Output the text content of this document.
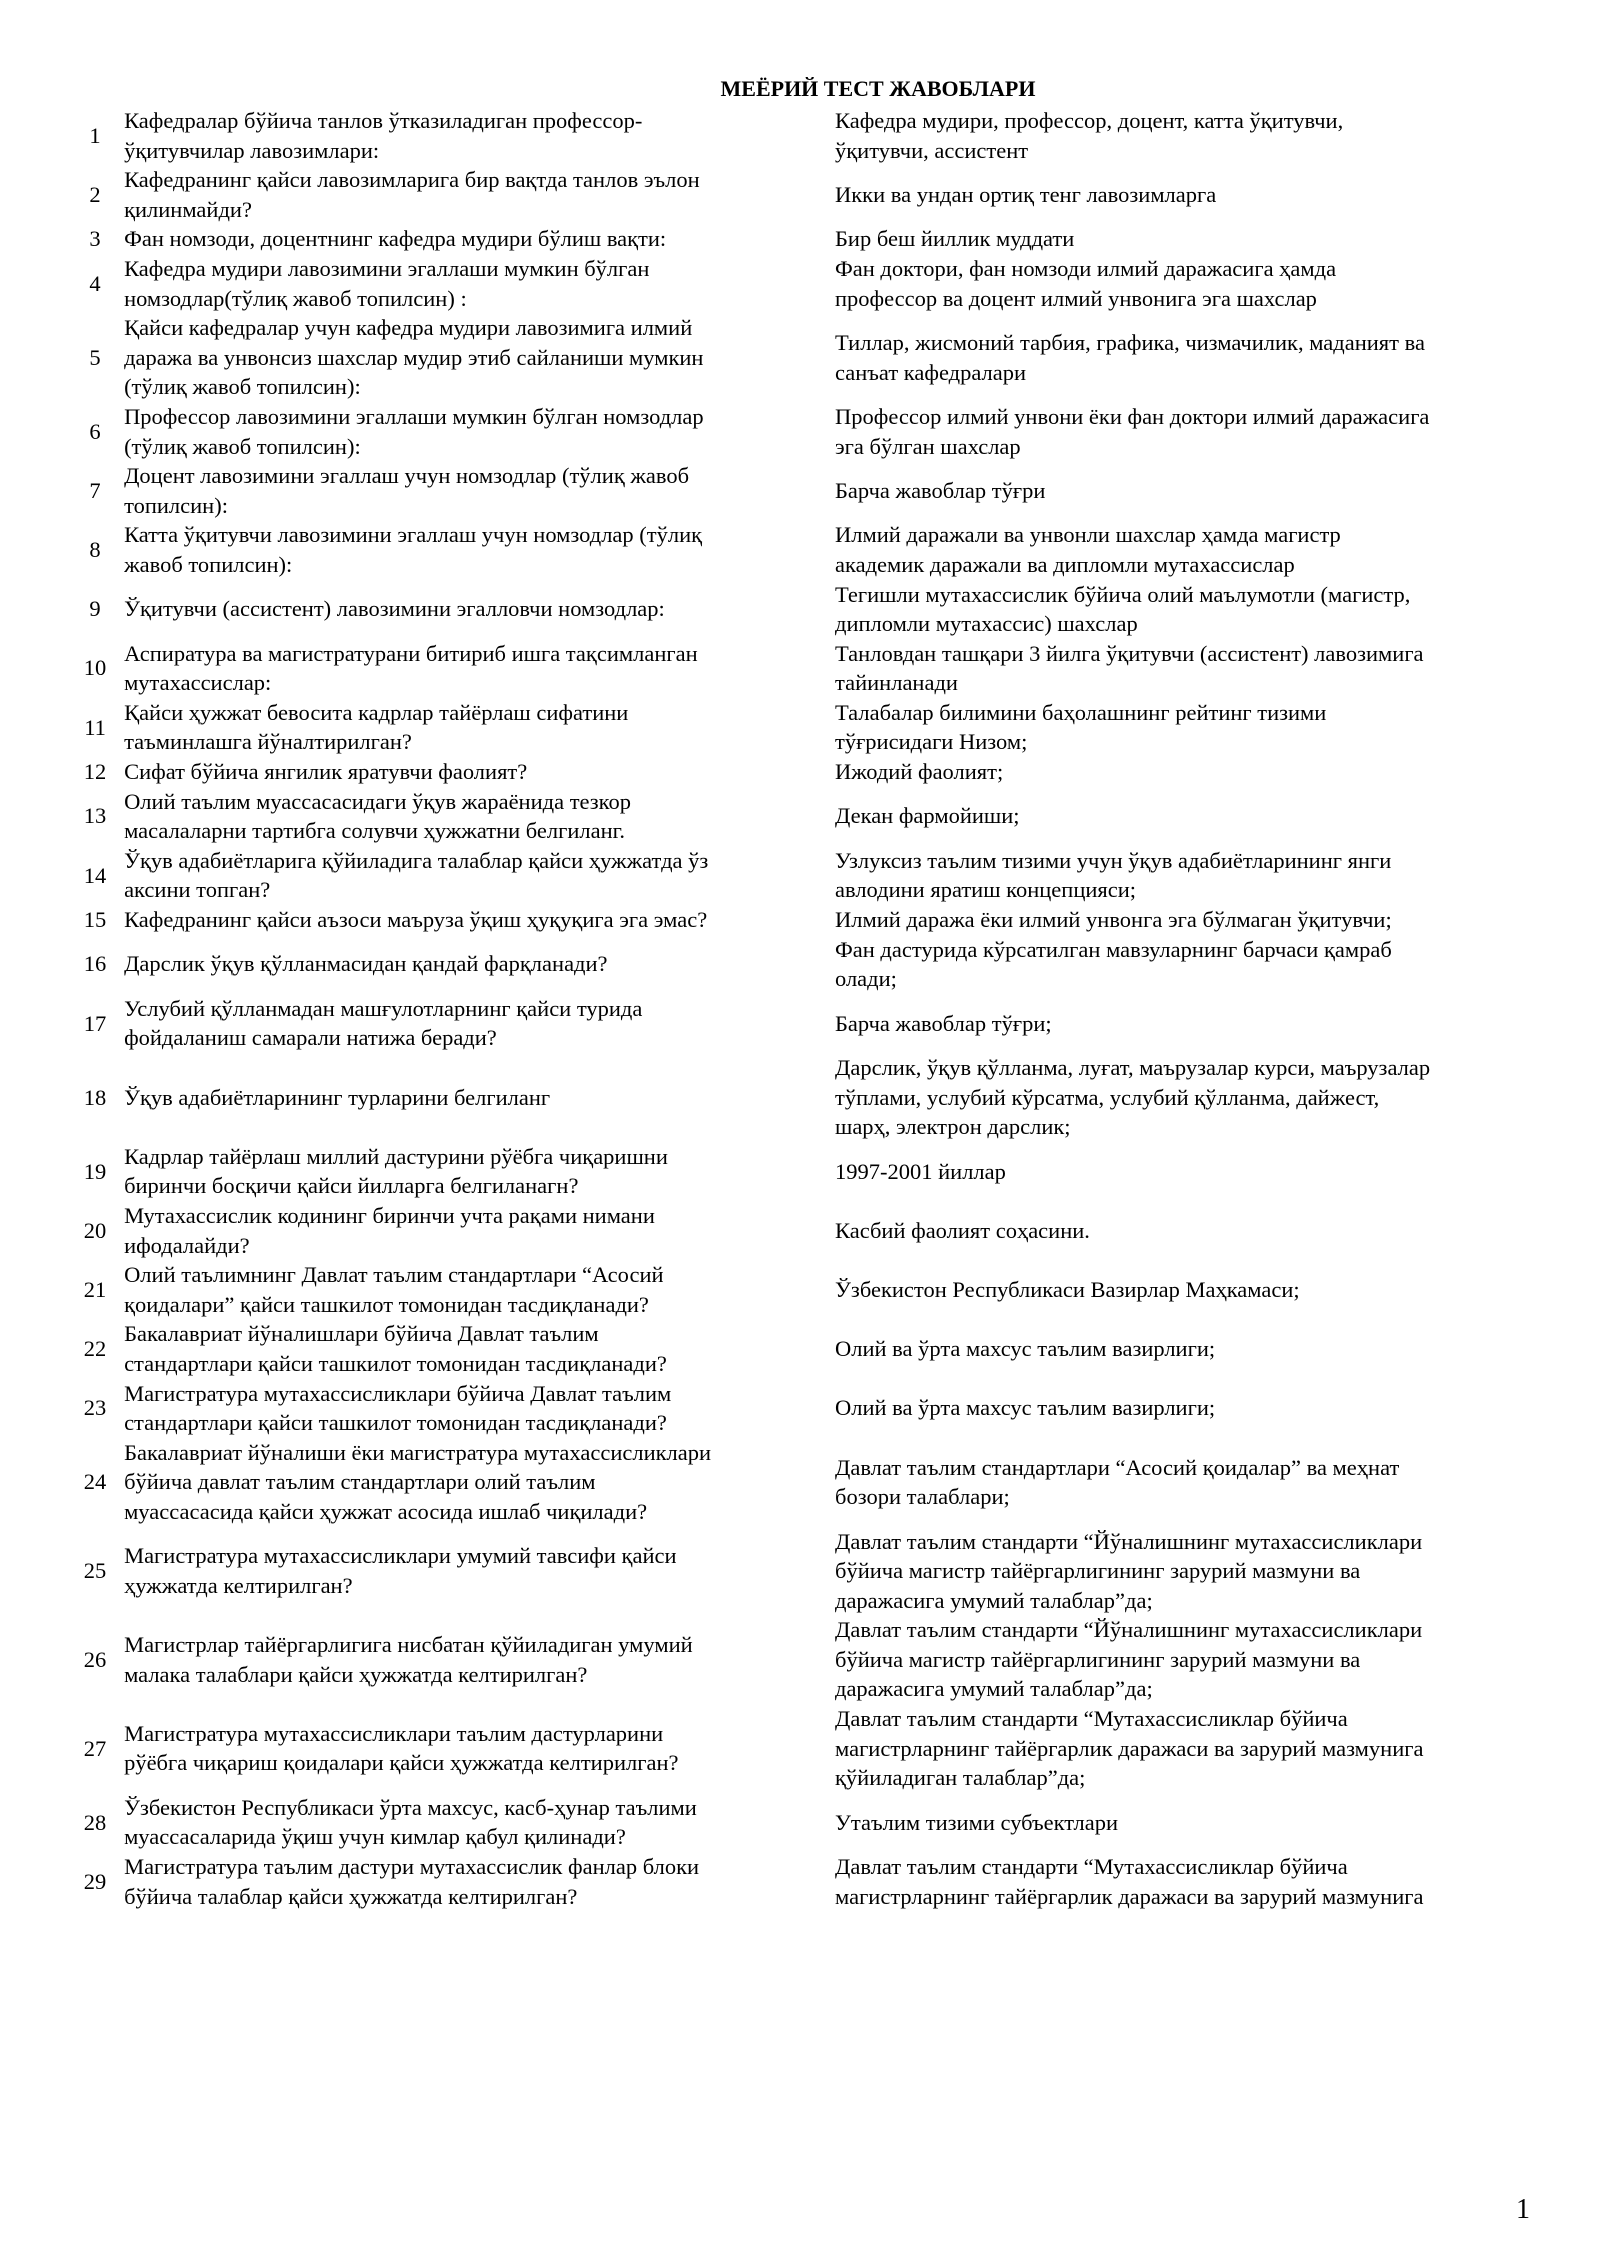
МЕЁРИЙ ТЕСТ ЖАВОБЛАРИ
1	Кафедралар бўйича танлов ўтказиладиган профессор-
ўқитувчилар лавозимлари:	Кафедра мудири, профессор, доцент, катта ўқитувчи,
ўқитувчи, ассистент
2	Кафедранинг қайси лавозимларига бир вақтда танлов эълон
қилинмайди?	Икки ва ундан ортиқ тенг лавозимларга
3	Фан номзоди, доцентнинг кафедра мудири бўлиш вақти:	Бир беш йиллик муддати
4	Кафедра мудири лавозимини эгаллаши мумкин бўлган
номзодлар(тўлиқ жавоб топилсин) :	Фан доктори, фан номзоди илмий даражасига ҳамда
профессор ва доцент илмий унвонига эга шахслар
5	Қайси кафедралар учун кафедра мудири лавозимига илмий
даража ва унвонсиз шахслар мудир этиб сайланиши мумкин
(тўлиқ жавоб топилсин):	Тиллар, жисмоний тарбия, графика, чизмачилик, маданият ва
санъат кафедралари
6	Профессор лавозимини эгаллаши мумкин бўлган номзодлар
(тўлиқ жавоб топилсин):	Профессор илмий унвони ёки фан доктори илмий даражасига
эга бўлган шахслар
7	Доцент лавозимини эгаллаш учун номзодлар (тўлиқ жавоб
топилсин):	Барча жавоблар тўғри
8	Катта ўқитувчи лавозимини эгаллаш учун номзодлар (тўлиқ
жавоб топилсин):	Илмий даражали ва унвонли шахслар ҳамда магистр
академик даражали ва дипломли мутахассислар
9	Ўқитувчи (ассистент) лавозимини эгалловчи номзодлар:	Тегишли мутахассислик бўйича олий маълумотли (магистр,
дипломли мутахассис) шахслар
10	Аспиратура ва магистратурани битириб ишга тақсимланган
мутахассислар:	Танловдан ташқари 3 йилга ўқитувчи (ассистент) лавозимига
тайинланади
11	Қайси ҳужжат бевосита кадрлар тайёрлаш сифатини
таъминлашга йўналтирилган?	Талабалар билимини баҳолашнинг рейтинг тизими
тўғрисидаги Низом;
12	Сифат бўйича янгилик яратувчи фаолият?	Ижодий фаолият;
13	Олий таълим муассасасидаги ўқув жараёнида тезкор
масалаларни тартибга солувчи ҳужжатни белгиланг.	Декан фармойиши;
14	Ўқув адабиётларига қўйиладига талаблар қайси ҳужжатда ўз
аксини топган?	Узлуксиз таълим тизими учун ўқув адабиётларининг янги
авлодини яратиш концепцияси;
15	Кафедранинг қайси аъзоси маъруза ўқиш ҳуқуқига эга эмас?	Илмий даража ёки илмий унвонга эга бўлмаган ўқитувчи;
16	Дарслик ўқув қўлланмасидан қандай фарқланади?	Фан дастурида кўрсатилган мавзуларнинг барчаси қамраб
олади;
17	Услубий қўлланмадан машғулотларнинг қайси турида
фойдаланиш самарали натижа беради?	Барча жавоблар тўғри;
18	Ўқув адабиётларининг турларини белгиланг	Дарслик, ўқув қўлланма, луғат, маърузалар курси, маърузалар
тўплами, услубий кўрсатма, услубий қўлланма, дайжест,
шарҳ, электрон дарслик;
19	Кадрлар тайёрлаш миллий дастурини рўёбга чиқаришни
биринчи босқичи қайси йилларга белгиланагн?	1997-2001 йиллар
20	Мутахассислик кодининг биринчи учта рақами нимани
ифодалайди?	Касбий фаолият соҳасини.
21	Олий таълимнинг Давлат таълим стандартлари “Асосий
қоидалари” қайси ташкилот томонидан тасдиқланади?	Ўзбекистон Республикаси Вазирлар Маҳкамаси;
22	Бакалавриат йўналишлари бўйича Давлат таълим
стандартлари қайси ташкилот томонидан тасдиқланади?	Олий ва ўрта махсус таълим вазирлиги;
23	Магистратура мутахассисликлари бўйича Давлат таълим
стандартлари қайси ташкилот томонидан тасдиқланади?	Олий ва ўрта махсус таълим вазирлиги;
24	Бакалавриат йўналиши ёки магистратура мутахассисликлари
бўйича давлат таълим стандартлари олий таълим
муассасасида қайси ҳужжат асосида ишлаб чиқилади?	Давлат таълим стандартлари “Асосий қоидалар” ва меҳнат
бозори талаблари;
25	Магистратура мутахассисликлари умумий тавсифи қайси
ҳужжатда келтирилган?	Давлат таълим стандарти “Йўналишнинг мутахассисликлари
бўйича магистр тайёргарлигининг зарурий мазмуни ва
даражасига умумий талаблар”да;
26	Магистрлар тайёргарлигига нисбатан қўйиладиган умумий
малака талаблари қайси ҳужжатда келтирилган?	Давлат таълим стандарти “Йўналишнинг мутахассисликлари
бўйича магистр тайёргарлигининг зарурий мазмуни ва
даражасига умумий талаблар”да;
27	Магистратура мутахассисликлари таълим дастурларини
рўёбга чиқариш қоидалари қайси ҳужжатда келтирилган?	Давлат таълим стандарти “Мутахассисликлар бўйича
магистрларнинг тайёргарлик даражаси ва зарурий мазмунига
қўйиладиган талаблар”да;
28	Ўзбекистон Республикаси ўрта махсус, касб-ҳунар таълими
муассасаларида ўқиш учун кимлар қабул қилинади?	Утаълим тизими субъектлари
29	Магистратура таълим дастури мутахассислик фанлар блоки
бўйича талаблар қайси ҳужжатда келтирилган?	Давлат таълим стандарти “Мутахассисликлар бўйича
магистрларнинг тайёргарлик даражаси ва зарурий мазмунига
1
